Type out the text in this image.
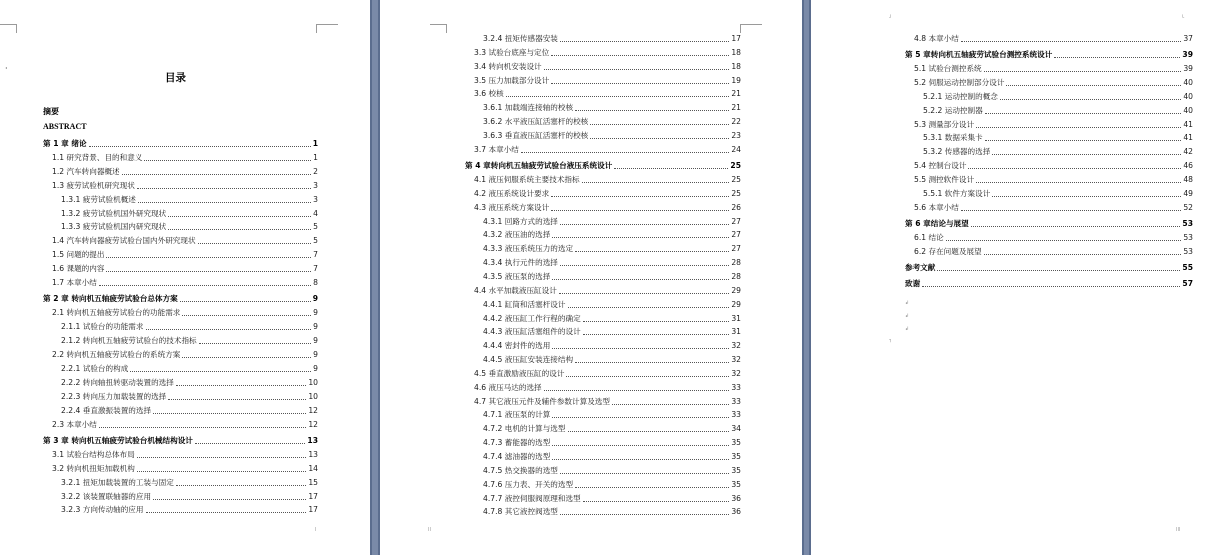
·
目录
摘要
ABSTRACT
I
第 1 章 绪论	1
1.1 研究背景、目的和意义	1
1.2 汽车转向器概述	2
1.3 疲劳试验机研究现状	3
1.3.1 疲劳试验机概述	3
1.3.2 疲劳试验机国外研究现状	4
1.3.3 疲劳试验机国内研究现状	5
1.4 汽车转向器疲劳试验台国内外研究现状	5
1.5 问题的提出	7
1.6 课题的内容	7
1.7 本章小结	8
第 2 章 转向机五轴疲劳试验台总体方案	9
2.1 转向机五轴疲劳试验台的功能需求	9
2.1.1 试验台的功能需求	9
2.1.2 转向机五轴疲劳试验台的技术指标	9
2.2 转向机五轴疲劳试验台的系统方案	9
2.2.1 试验台的构成	9
2.2.2 转向轴扭转驱动装置的选择	10
2.2.3 转向压力加载装置的选择	10
2.2.4 垂直激振装置的选择	12
2.3 本章小结	12
第 3 章 转向机五轴疲劳试验台机械结构设计	13
3.1 试验台结构总体布局	13
3.2 转向机扭矩加载机构	14
3.2.1 扭矩加载装置的工装与固定	15
3.2.2 该装置联轴器的应用	17
3.2.3 方向传动轴的应用	17
II
3.2.4 扭矩传感器安装	17
3.3 试验台底座与定位	18
3.4 转向机安装设计	18
3.5 压力加载部分设计	19
3.6 校核	21
3.6.1 加载端连接轴的校核	21
3.6.2 水平液压缸活塞杆的校核	22
3.6.3 垂直液压缸活塞杆的校核	23
3.7 本章小结	24
第 4 章转向机五轴疲劳试验台液压系统设计	25
4.1 液压伺服系统主要技术指标	25
4.2 液压系统设计要求	25
4.3 液压系统方案设计	26
4.3.1 回路方式的选择	27
4.3.2 液压油的选择	27
4.3.3 液压系统压力的选定	27
4.3.4 执行元件的选择	28
4.3.5 液压泵的选择	28
4.4 水平加载液压缸设计	29
4.4.1 缸筒和活塞杆设计	29
4.4.2 液压缸工作行程的确定	31
4.4.3 液压缸活塞组件的设计	31
4.4.4 密封件的选用	32
4.4.5 液压缸安装连接结构	32
4.5 垂直激励液压缸的设计	32
4.6 液压马达的选择	33
4.7 其它液压元件及辅件参数计算及选型	33
4.7.1 液压泵的计算	33
4.7.2 电机的计算与选型	34
4.7.3 蓄能器的选型	35
4.7.4 滤油器的选型	35
4.7.5 热交换器的选型	35
4.7.6 压力表、开关的选型	35
4.7.7 液控伺服阀原理和选型	36
4.7.8 其它液控阀选型	36
┘	└
↲
↲
↲
┐
III
4.8 本章小结	37
第 5 章转向机五轴疲劳试验台测控系统设计	39
5.1 试验台测控系统	39
5.2 伺服运动控制部分设计	40
5.2.1 运动控制的概念	40
5.2.2 运动控制器	40
5.3 测量部分设计	41
5.3.1 数据采集卡	41
5.3.2 传感器的选择	42
5.4 控制台设计	46
5.5 测控软件设计	48
5.5.1 软件方案设计	49
5.6 本章小结	52
第 6 章结论与展望	53
6.1 结论	53
6.2 存在问题及展望	53
参考文献	55
致谢	57
